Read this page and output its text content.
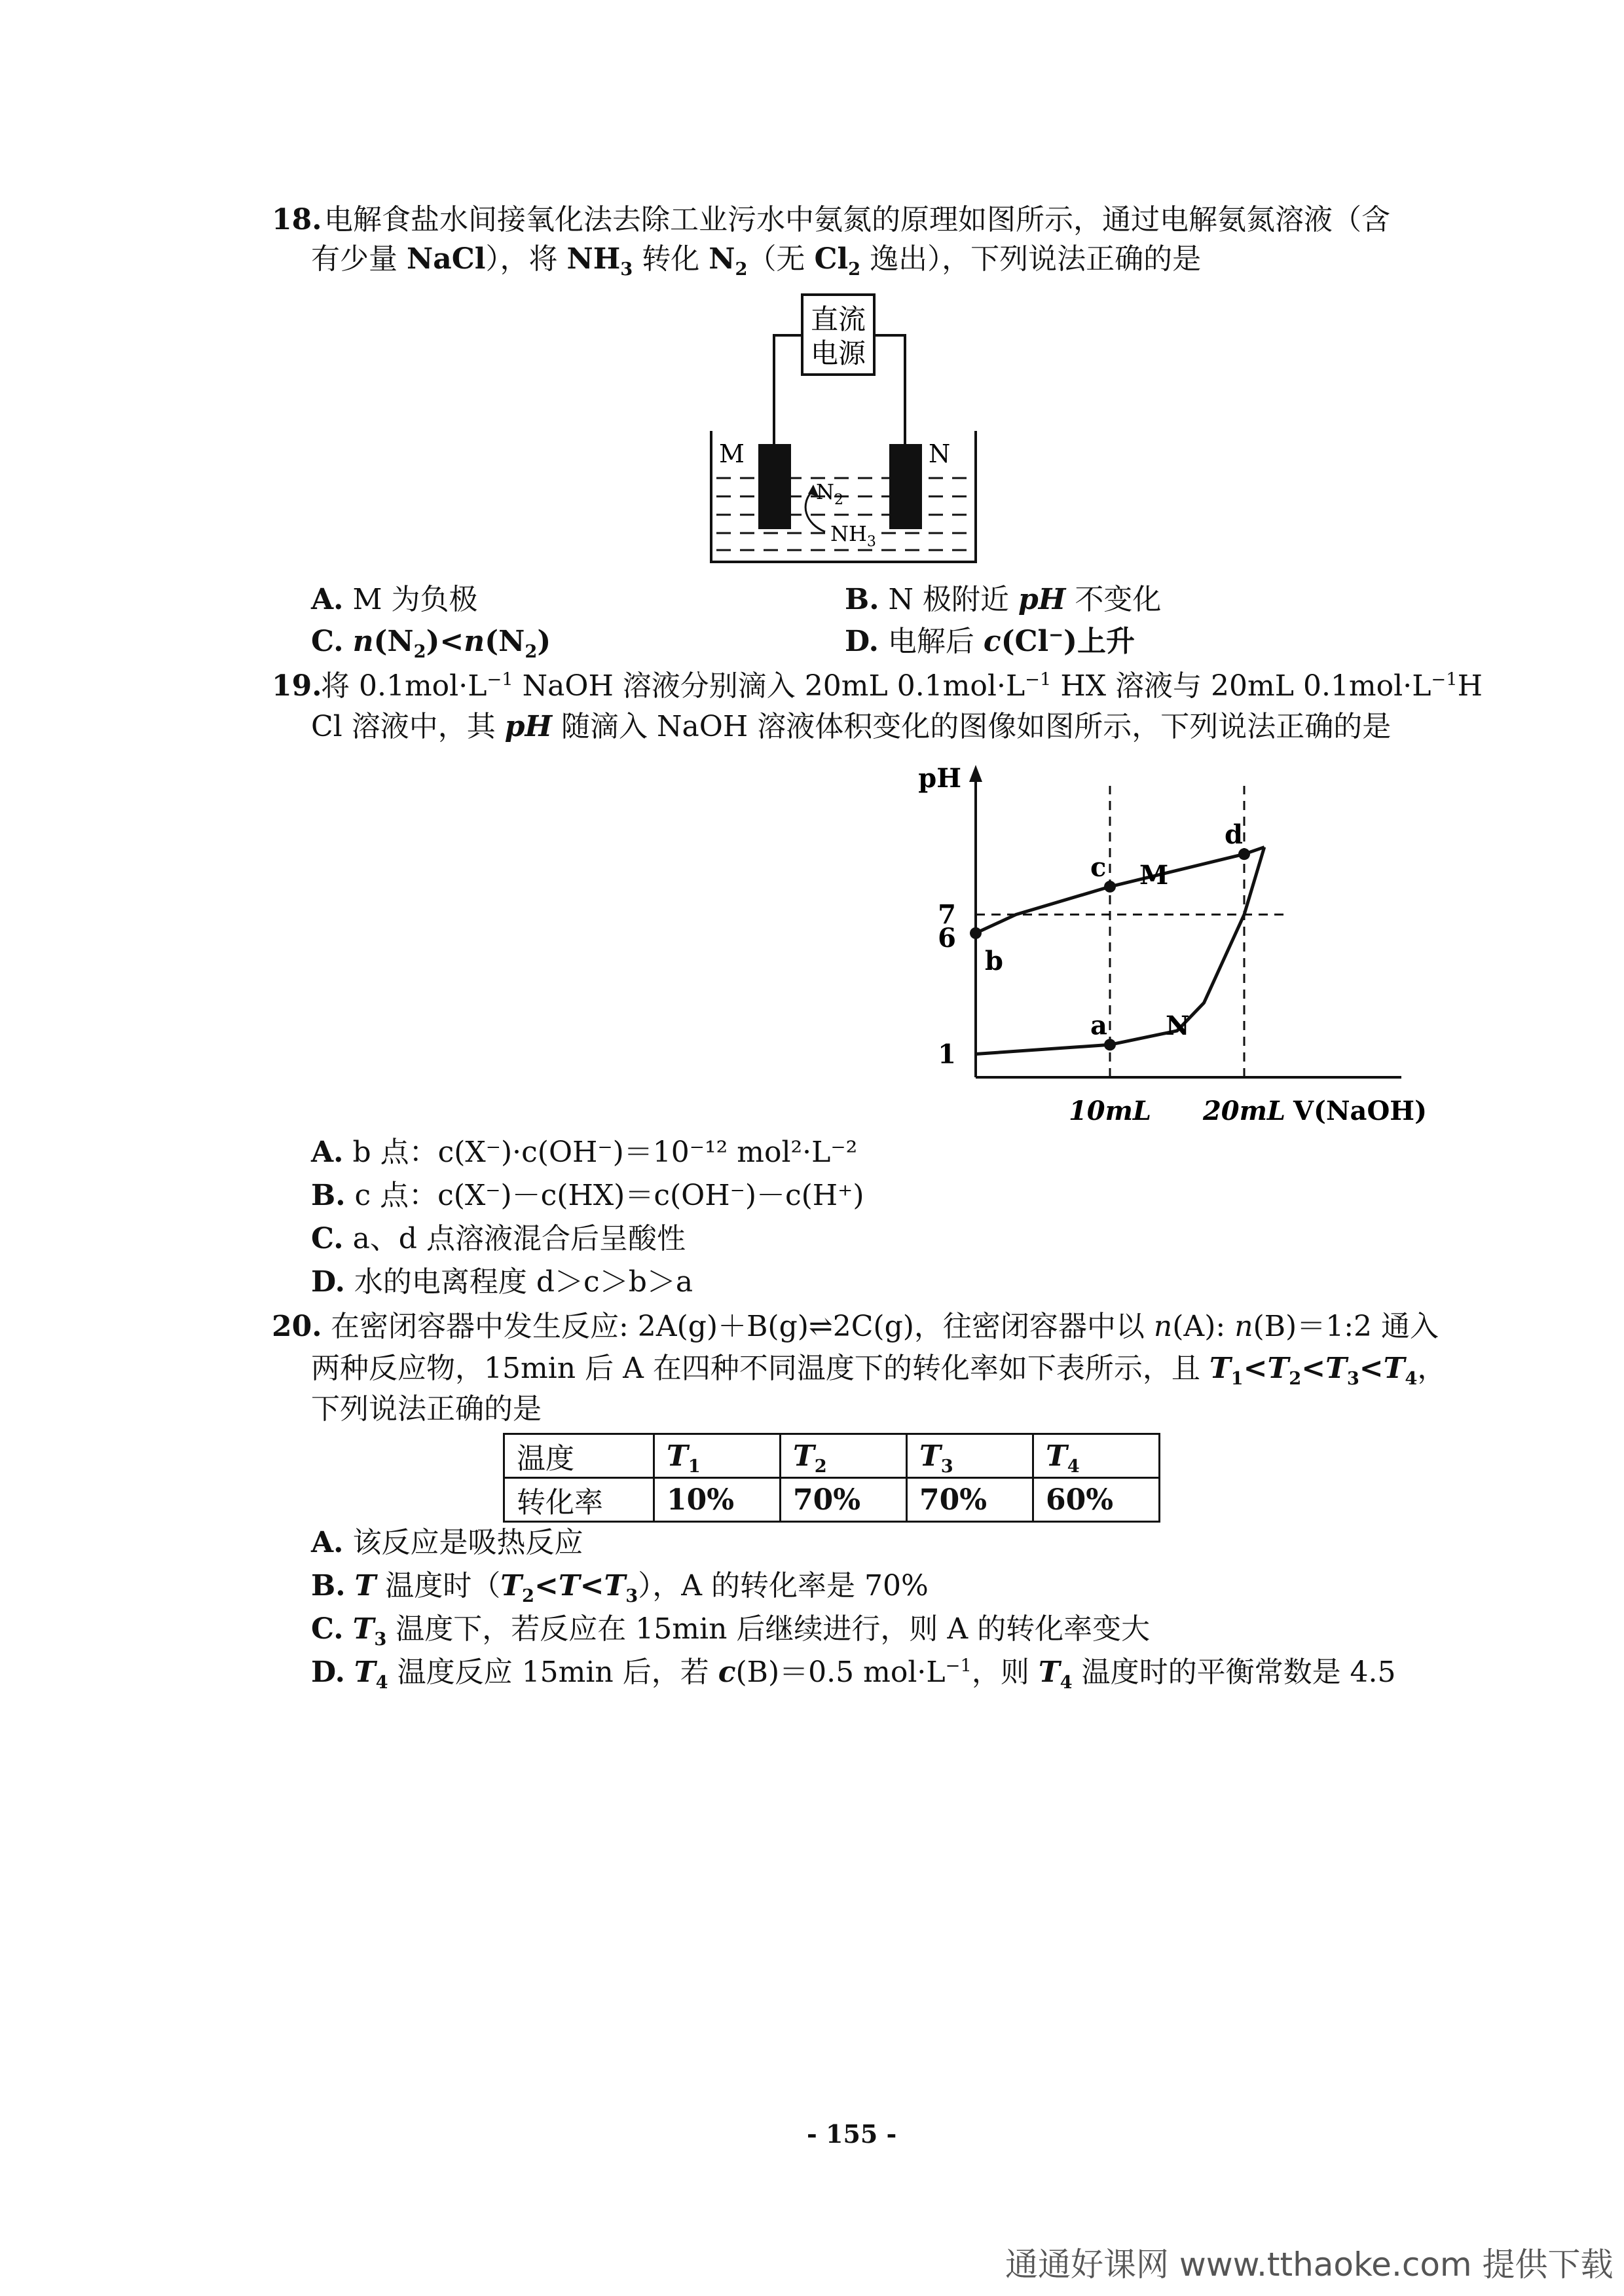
18. 电解食盐水间接氧化法去除工业污水中氨氮的原理如图所示，通过电解氨氮溶液（含
有少量 NaCl），将 $NH_3$ 转化 $N_2$（无 $Cl_2$ 逸出），下列说法正确的是
直流
电源
M	N
$N_2$
$NH_3$
A. M 为负极	B. N 极附近 pH 不变化
C. $n(N_2)<n(N_2)$	D. 电解后 c(Cl−)上升
19.
将 $0.1mol\cdot L^{-1}$ NaOH 溶液分别滴入 20mL $0.1mol\cdot L^{-1}$ HX 溶液与 20mL $0.1mol\cdot L^{-1}H$
Cl 溶液中，其 pH 随滴入 NaOH 溶液体积变化的图像如图所示，下列说法正确的是
pH
V(NaOH)
1
6
7
10mL 20mL
b
c
d
a
M
N
A. b 点：c(X⁻)·c(OH⁻)＝10⁻¹² mol²·L⁻²
B. c 点：c(X⁻)－c(HX)＝c(OH⁻)－c(H⁺)
C. a、d 点溶液混合后呈酸性
D. 水的电离程度 d＞c＞b＞a
20. 在密闭容器中发生反应: 2A(g)＋B(g)⇌2C(g)，往密闭容器中以 n(A): n(B)＝1:2 通入
两种反应物，15min 后 A 在四种不同温度下的转化率如下表所示，且 $T_1<T_2<T_3<T_4$，
下列说法正确的是
温度	$T_1$	$T_2$	$T_3$	$T_4$
转化率	10%	70%	70%	60%
A. 该反应是吸热反应
B. T 温度时$(T_2<T<T_3)$，A 的转化率是 70%
C. $T_3$ 温度下，若反应在 15min 后继续进行，则 A 的转化率变大
D. $T_4$ 温度反应 15min 后，若 c(B)＝0.5 $mol\cdot L^{-1}$，则 $T_4$ 温度时的平衡常数是 4.5
- 155 -
通通好课网 www.tthaoke.com 提供下载
